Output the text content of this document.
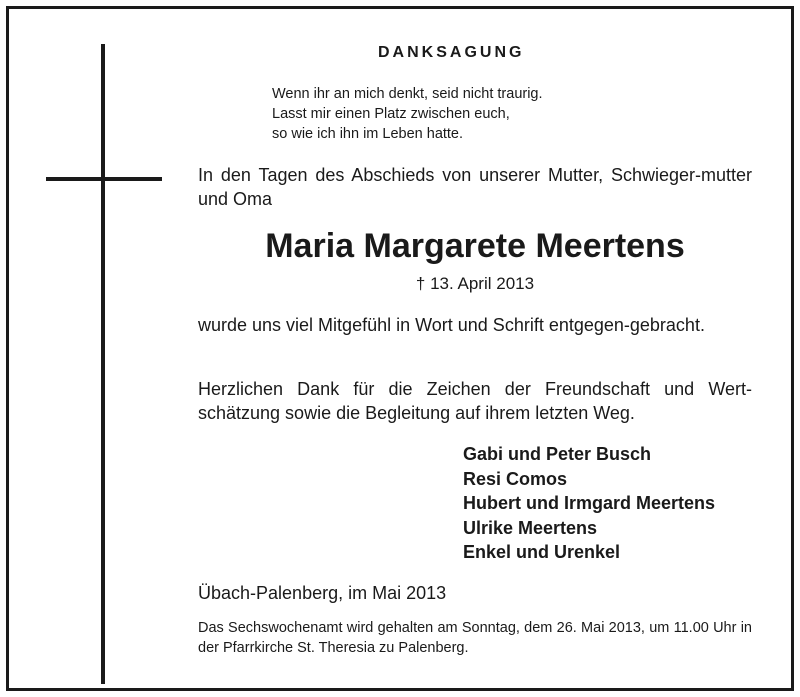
DANKSAGUNG
Wenn ihr an mich denkt, seid nicht traurig.
Lasst mir einen Platz zwischen euch,
so wie ich ihn im Leben hatte.

In den Tagen des Abschieds von unserer Mutter, Schwieger-mutter und Oma

Maria Margarete Meertens
† 13. April 2013

wurde uns viel Mitgefühl in Wort und Schrift entgegen-gebracht.

Herzlichen Dank für die Zeichen der Freundschaft und Wert-schätzung sowie die Begleitung auf ihrem letzten Weg.

Gabi und Peter Busch
Resi Comos
Hubert und Irmgard Meertens
Ulrike Meertens
Enkel und Urenkel
Übach-Palenberg, im Mai 2013

Das Sechswochenamt wird gehalten am Sonntag, dem 26. Mai 2013, um 11.00 Uhr in der Pfarrkirche St. Theresia zu Palenberg.
